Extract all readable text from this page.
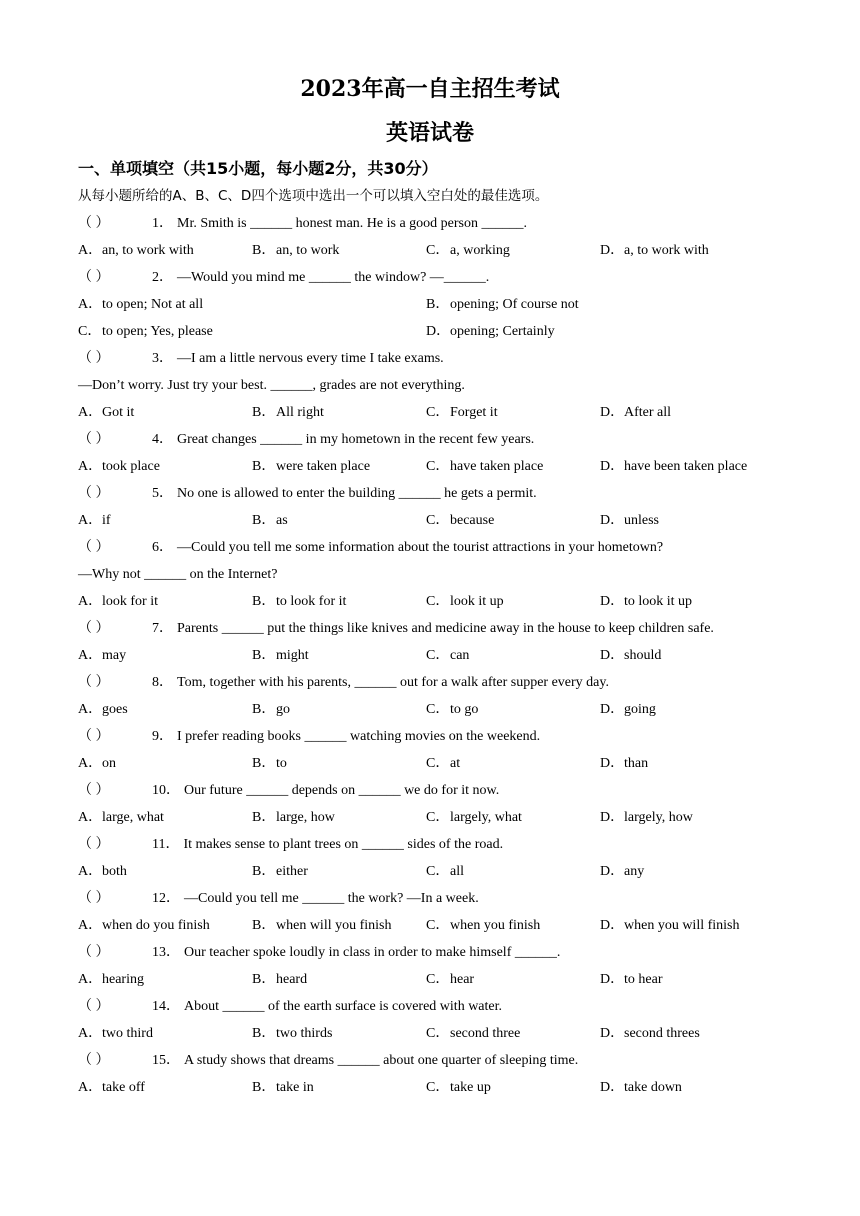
2023年高一自主招生考试
英语试卷
一、单项填空（共15小题，每小题2分，共30分）
从每小题所给的A、B、C、D四个选项中选出一个可以填入空白处的最佳选项。
（ ）	1． Mr. Smith is ______ honest man. He is a good person ______.
A．an, to work with	B．an, to work	C．a, working	D．a, to work with
（ ）	2． —Would you mind me ______ the window? —______.
A．to open; Not at all	B．opening; Of course not
C．to open; Yes, please	D．opening; Certainly
（ ）	3． —I am a little nervous every time I take exams.
—Don’t worry. Just try your best. ______, grades are not everything.
A．Got it	B．All right	C．Forget it	D．After all
（ ）	4． Great changes ______ in my hometown in the recent few years.
A．took place	B．were taken place	C．have taken place	D．have been taken place
（ ）	5． No one is allowed to enter the building ______ he gets a permit.
A．if	B．as	C．because	D．unless
（ ）	6． —Could you tell me some information about the tourist attractions in your hometown?
—Why not ______ on the Internet?
A．look for it	B．to look for it	C．look it up	D．to look it up
（ ）	7． Parents ______ put the things like knives and medicine away in the house to keep children safe.
A．may	B．might	C．can	D．should
（ ）	8． Tom, together with his parents, ______ out for a walk after supper every day.
A．goes	B．go	C．to go	D．going
（ ）	9． I prefer reading books ______ watching movies on the weekend.
A．on	B．to	C．at	D．than
（ ）	10． Our future ______ depends on ______ we do for it now.
A．large, what	B．large, how	C．largely, what	D．largely, how
（ ）	11． It makes sense to plant trees on ______ sides of the road.
A．both	B．either	C．all	D．any
（ ）	12． —Could you tell me ______ the work? —In a week.
A．when do you finish	B．when will you finish C．when you finish	D．when you will finish
（ ）	13． Our teacher spoke loudly in class in order to make himself ______.
A．hearing	B．heard	C．hear	D．to hear
（ ）	14． About ______ of the earth surface is covered with water.
A．two third	B．two thirds	C．second three	D．second threes
（ ）	15． A study shows that dreams ______ about one quarter of sleeping time.
A．take off	B．take in	C．take up	D．take down
